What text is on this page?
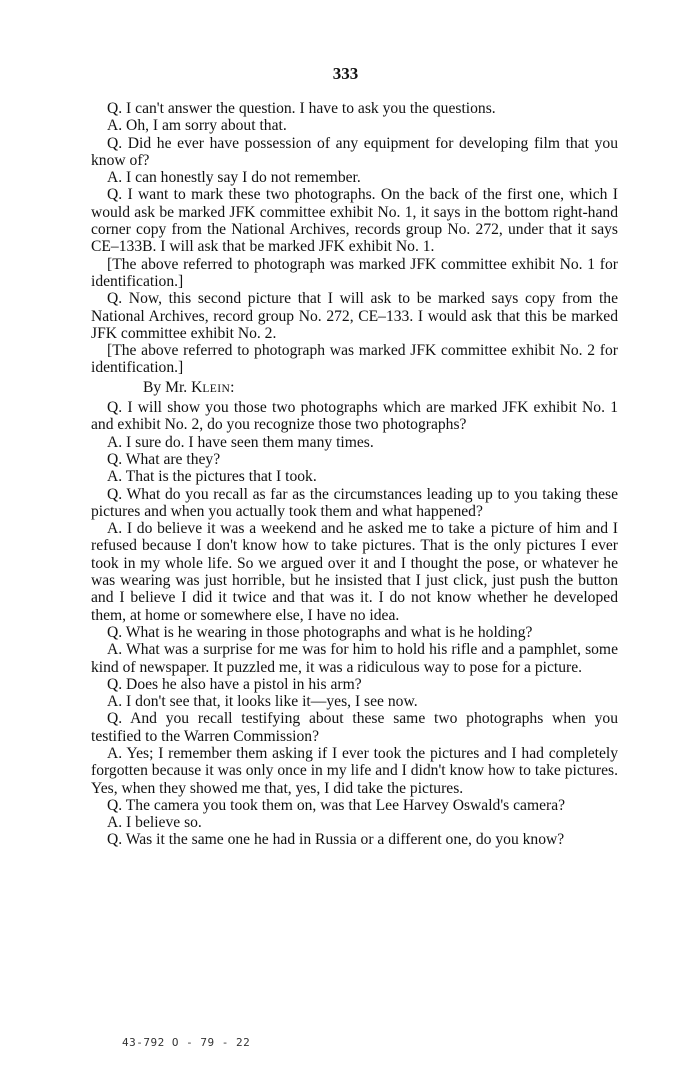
333

Q. I can't answer the question. I have to ask you the questions.

A. Oh, I am sorry about that.

Q. Did he ever have possession of any equipment for developing film that you know of?

A. I can honestly say I do not remember.

Q. I want to mark these two photographs. On the back of the first one, which I would ask be marked JFK committee exhibit No. 1, it says in the bottom right-hand corner copy from the National Archives, records group No. 272, under that it says CE–133B. I will ask that be marked JFK exhibit No. 1.

[The above referred to photograph was marked JFK committee exhibit No. 1 for identification.]

Q. Now, this second picture that I will ask to be marked says copy from the National Archives, record group No. 272, CE–133. I would ask that this be marked JFK committee exhibit No. 2.

[The above referred to photograph was marked JFK committee exhibit No. 2 for identification.]

By Mr. KLEIN:

Q. I will show you those two photographs which are marked JFK exhibit No. 1 and exhibit No. 2, do you recognize those two photographs?

A. I sure do. I have seen them many times.

Q. What are they?

A. That is the pictures that I took.

Q. What do you recall as far as the circumstances leading up to you taking these pictures and when you actually took them and what happened?

A. I do believe it was a weekend and he asked me to take a picture of him and I refused because I don't know how to take pictures. That is the only pictures I ever took in my whole life. So we argued over it and I thought the pose, or whatever he was wearing was just horrible, but he insisted that I just click, just push the button and I believe I did it twice and that was it. I do not know whether he developed them, at home or somewhere else, I have no idea.

Q. What is he wearing in those photographs and what is he holding?

A. What was a surprise for me was for him to hold his rifle and a pamphlet, some kind of newspaper. It puzzled me, it was a ridiculous way to pose for a picture.

Q. Does he also have a pistol in his arm?

A. I don't see that, it looks like it—yes, I see now.

Q. And you recall testifying about these same two photographs when you testified to the Warren Commission?

A. Yes; I remember them asking if I ever took the pictures and I had completely forgotten because it was only once in my life and I didn't know how to take pictures. Yes, when they showed me that, yes, I did take the pictures.

Q. The camera you took them on, was that Lee Harvey Oswald's camera?

A. I believe so.

Q. Was it the same one he had in Russia or a different one, do you know?

43-792 O - 79 - 22
